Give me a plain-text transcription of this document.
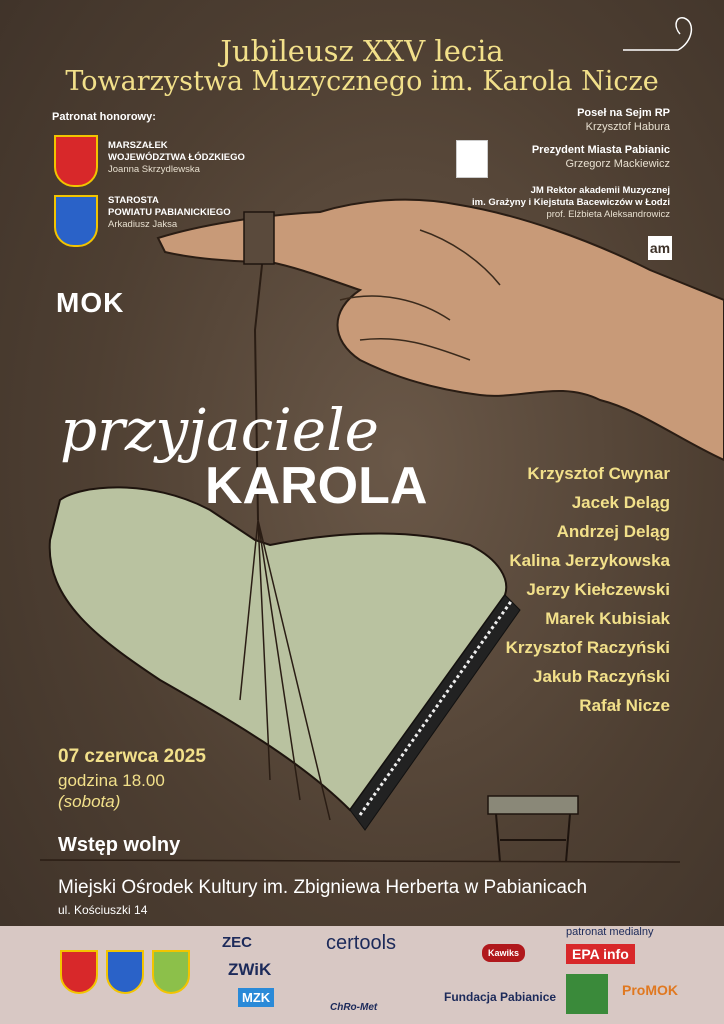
Jubileusz XXV lecia
Towarzystwa Muzycznego im. Karola Nicze
Patronat honorowy:
MARSZAŁEK
WOJEWÓDZTWA ŁÓDZKIEGO
Joanna Skrzydlewska
STAROSTA
POWIATU PABIANICKIEGO
Arkadiusz Jaksa
Poseł na Sejm RP
Krzysztof Habura
Prezydent Miasta Pabianic
Grzegorz Mackiewicz
JM Rektor akademii Muzycznej
im. Grażyny i Kiejstuta Bacewiczów w Łodzi
prof. Elżbieta Aleksandrowicz
am
MOK
przyjaciele
KAROLA	Krzysztof Cwynar
Jacek Deląg
Andrzej Deląg
Kalina Jerzykowska
Jerzy Kiełczewski
Marek Kubisiak
Krzysztof Raczyński
Jakub Raczyński
Rafał Nicze
07 czerwca 2025
godzina 18.00
(sobota)
Wstęp wolny
Miejski Ośrodek Kultury im. Zbigniewa Herberta w Pabianicach
ul. Kościuszki 14
ZEC
ZWiK
MZK
certools
ChRo-Met
Kawiks
Fundacja Pabianice
patronat medialny
EPA info
ProMOK
